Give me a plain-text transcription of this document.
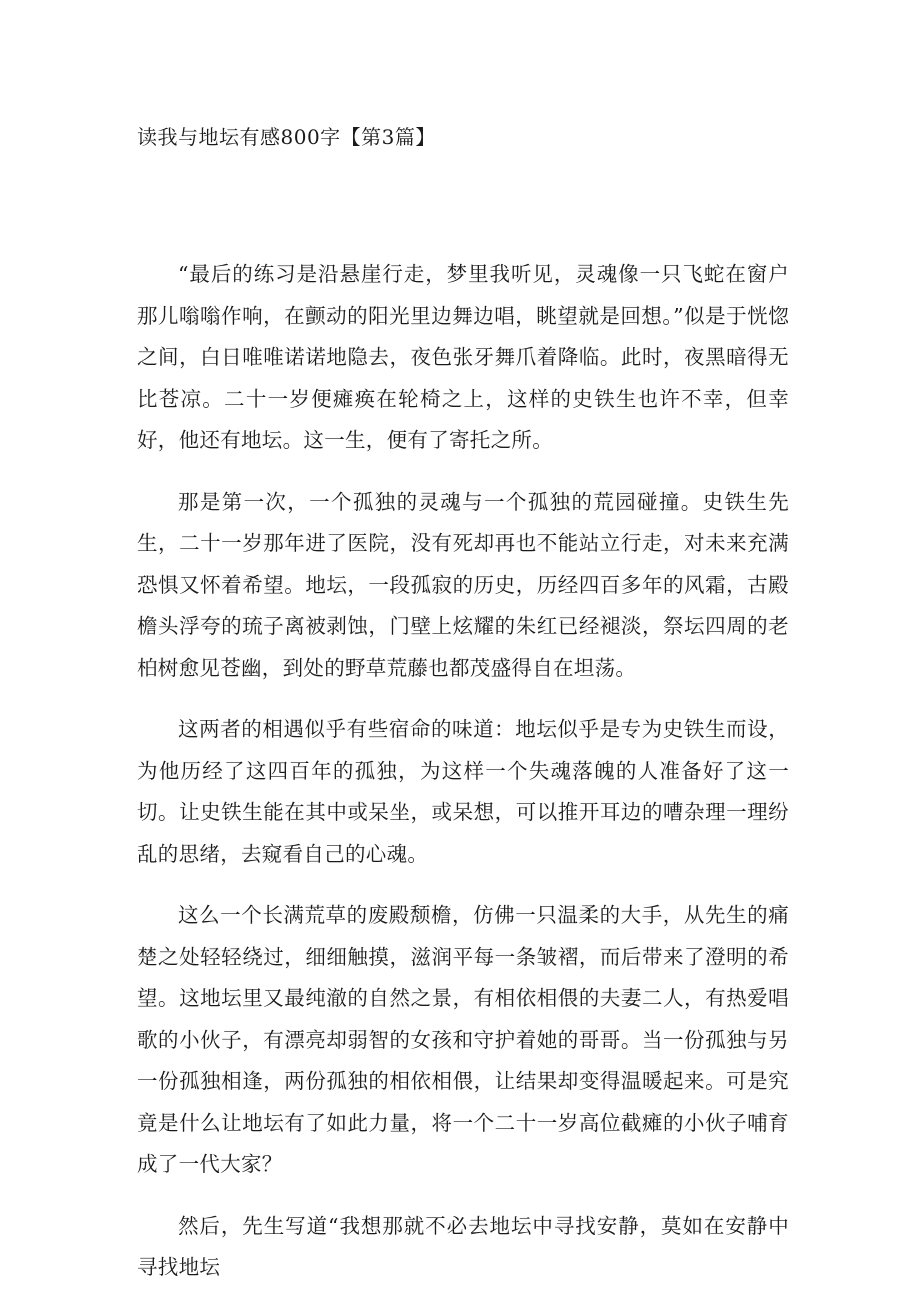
读我与地坛有感800字【第3篇】

“最后的练习是沿悬崖行走，梦里我听见，灵魂像一只飞蛇在窗户那儿嗡嗡作响，在颤动的阳光里边舞边唱，眺望就是回想。”似是于恍惚之间，白日唯唯诺诺地隐去，夜色张牙舞爪着降临。此时，夜黑暗得无比苍凉。二十一岁便瘫痪在轮椅之上，这样的史铁生也许不幸，但幸好，他还有地坛。这一生，便有了寄托之所。

那是第一次，一个孤独的灵魂与一个孤独的荒园碰撞。史铁生先生，二十一岁那年进了医院，没有死却再也不能站立行走，对未来充满恐惧又怀着希望。地坛，一段孤寂的历史，历经四百多年的风霜，古殿檐头浮夸的琉子离被剥蚀，门壁上炫耀的朱红已经褪淡，祭坛四周的老柏树愈见苍幽，到处的野草荒藤也都茂盛得自在坦荡。

这两者的相遇似乎有些宿命的味道：地坛似乎是专为史铁生而设，为他历经了这四百年的孤独，为这样一个失魂落魄的人准备好了这一切。让史铁生能在其中或呆坐，或呆想，可以推开耳边的嘈杂理一理纷乱的思绪，去窥看自己的心魂。

这么一个长满荒草的废殿颓檐，仿佛一只温柔的大手，从先生的痛楚之处轻轻绕过，细细触摸，滋润平每一条皱褶，而后带来了澄明的希望。这地坛里又最纯澈的自然之景，有相依相偎的夫妻二人，有热爱唱歌的小伙子，有漂亮却弱智的女孩和守护着她的哥哥。当一份孤独与另一份孤独相逢，两份孤独的相依相偎，让结果却变得温暖起来。可是究竟是什么让地坛有了如此力量，将一个二十一岁高位截瘫的小伙子哺育成了一代大家？

然后，先生写道“我想那就不必去地坛中寻找安静，莫如在安静中寻找地坛
